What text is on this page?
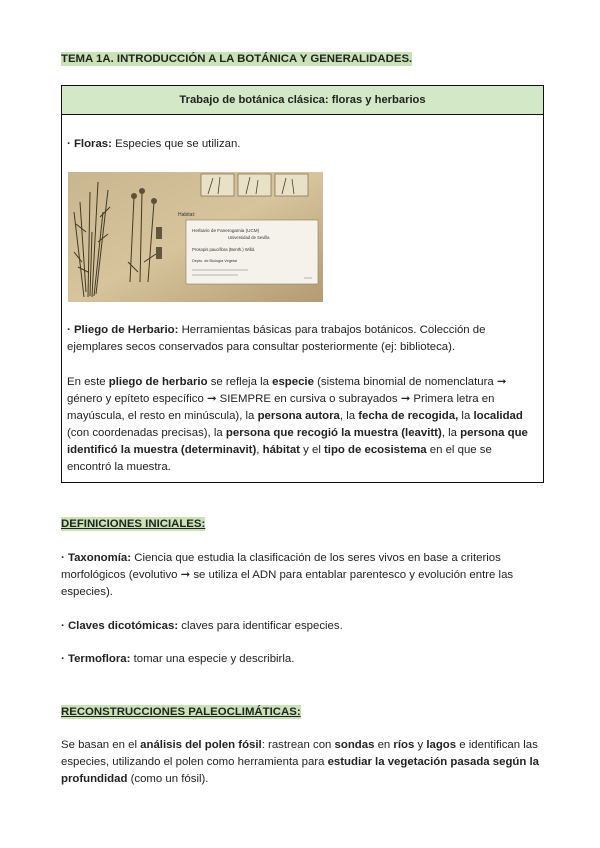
TEMA 1A. INTRODUCCIÓN A LA BOTÁNICA Y GENERALIDADES.
Trabajo de botánica clásica: floras y herbarios
· Floras: Especies que se utilizan.
Habitat:
Herbario de Fanerogamia (UCM)
Universidad de Sevilla
Prosopis pauciflora (Benth.) Willd.
Depto. de Biología Vegetal
· Pliego de Herbario: Herramientas básicas para trabajos botánicos. Colección de ejemplares secos conservados para consultar posteriormente (ej: biblioteca).
En este pliego de herbario se refleja la especie (sistema binomial de nomenclatura ➞ género y epíteto específico ➞ SIEMPRE en cursiva o subrayados ➞ Primera letra en mayúscula, el resto en minúscula), la persona autora, la fecha de recogida, la localidad (con coordenadas precisas), la persona que recogió la muestra (leavitt), la persona que identificó la muestra (determinavit), hábitat y el tipo de ecosistema en el que se encontró la muestra.
DEFINICIONES INICIALES:
· Taxonomía: Ciencia que estudia la clasificación de los seres vivos en base a criterios morfológicos (evolutivo ➞ se utiliza el ADN para entablar parentesco y evolución entre las especies).
· Claves dicotómicas: claves para identificar especies.
· Termoflora: tomar una especie y describirla.
RECONSTRUCCIONES PALEOCLIMÁTICAS:
Se basan en el análisis del polen fósil: rastrean con sondas en ríos y lagos e identifican las especies, utilizando el polen como herramienta para estudiar la vegetación pasada según la profundidad (como un fósil).
